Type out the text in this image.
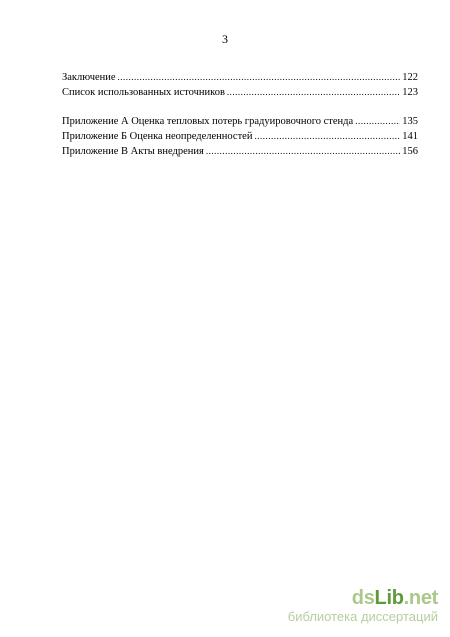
3
Заключение .....	122
Список использованных источников .....	123
Приложение А Оценка тепловых потерь градуировочного стенда .....	135
Приложение Б Оценка неопределенностей .....	141
Приложение В Акты внедрения .....	156
dsLib.net
библиотека диссертаций
